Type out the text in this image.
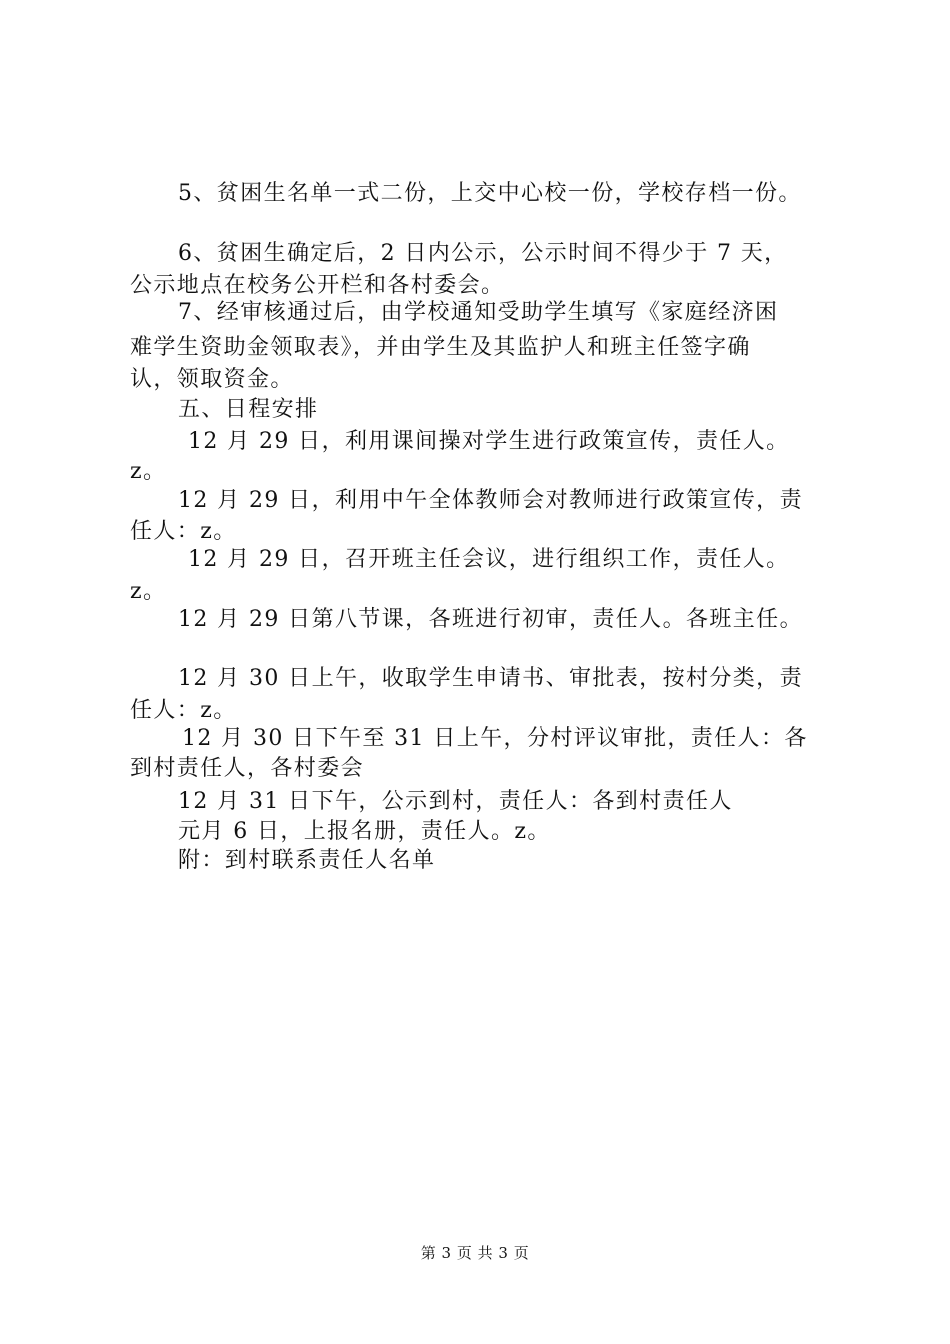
5、贫困生名单一式二份，上交中心校一份，学校存档一份。
6、贫困生确定后，2 日内公示，公示时间不得少于 7 天，
公示地点在校务公开栏和各村委会。
7、经审核通过后，由学校通知受助学生填写《家庭经济困
难学生资助金领取表》，并由学生及其监护人和班主任签字确
认，领取资金。
五、日程安排
12 月 29 日，利用课间操对学生进行政策宣传，责任人。
z。
12 月 29 日，利用中午全体教师会对教师进行政策宣传，责
任人：z。
12 月 29 日，召开班主任会议，进行组织工作，责任人。
z。
12 月 29 日第八节课，各班进行初审，责任人。各班主任。
12 月 30 日上午，收取学生申请书、审批表，按村分类，责
任人：z。
12 月 30 日下午至 31 日上午，分村评议审批，责任人：各
到村责任人，各村委会
12 月 31 日下午，公示到村，责任人：各到村责任人
元月 6 日，上报名册，责任人。z。
附：到村联系责任人名单
第 3 页 共 3 页
